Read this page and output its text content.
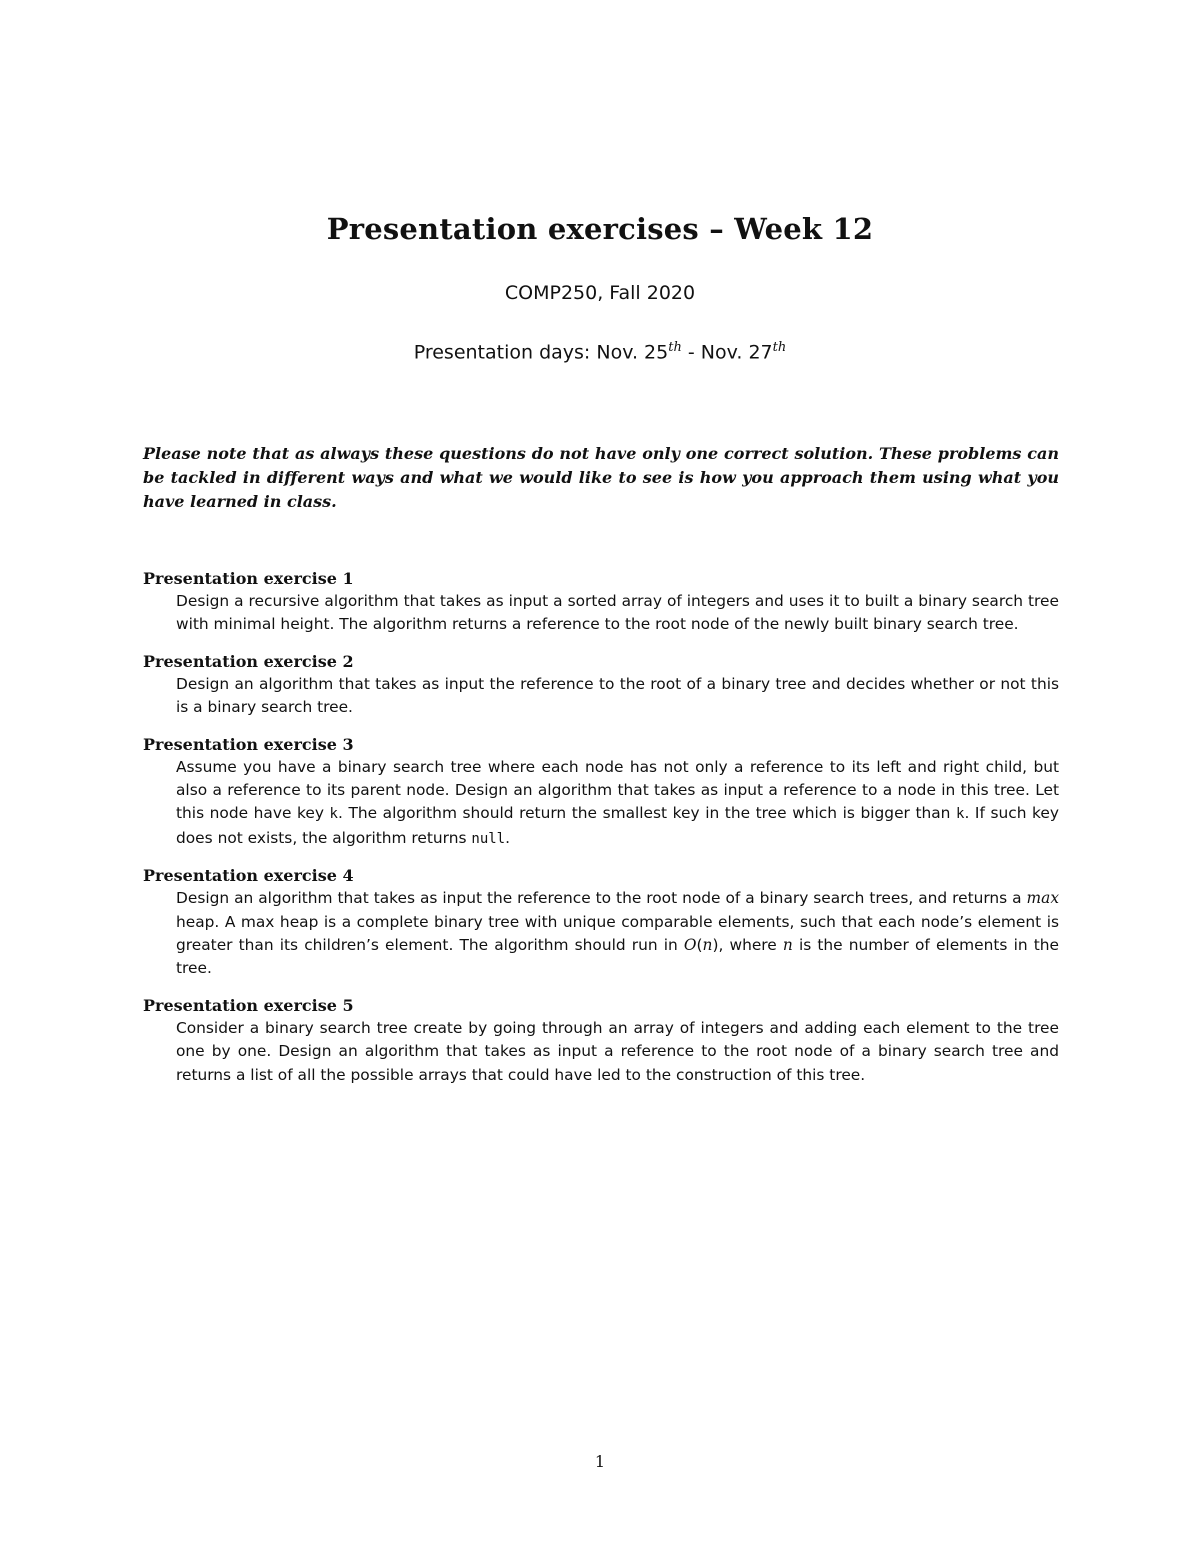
Presentation exercises – Week 12
COMP250, Fall 2020
Presentation days: Nov. 25th - Nov. 27th
Please note that as always these questions do not have only one correct solution. These problems can be tackled in different ways and what we would like to see is how you approach them using what you have learned in class.
Presentation exercise 1
Design a recursive algorithm that takes as input a sorted array of integers and uses it to built a binary search tree with minimal height. The algorithm returns a reference to the root node of the newly built binary search tree.
Presentation exercise 2
Design an algorithm that takes as input the reference to the root of a binary tree and decides whether or not this is a binary search tree.
Presentation exercise 3
Assume you have a binary search tree where each node has not only a reference to its left and right child, but also a reference to its parent node. Design an algorithm that takes as input a reference to a node in this tree. Let this node have key k. The algorithm should return the smallest key in the tree which is bigger than k. If such key does not exists, the algorithm returns null.
Presentation exercise 4
Design an algorithm that takes as input the reference to the root node of a binary search trees, and returns a max heap. A max heap is a complete binary tree with unique comparable elements, such that each node’s element is greater than its children’s element. The algorithm should run in O(n), where n is the number of elements in the tree.
Presentation exercise 5
Consider a binary search tree create by going through an array of integers and adding each element to the tree one by one. Design an algorithm that takes as input a reference to the root node of a binary search tree and returns a list of all the possible arrays that could have led to the construction of this tree.
1
